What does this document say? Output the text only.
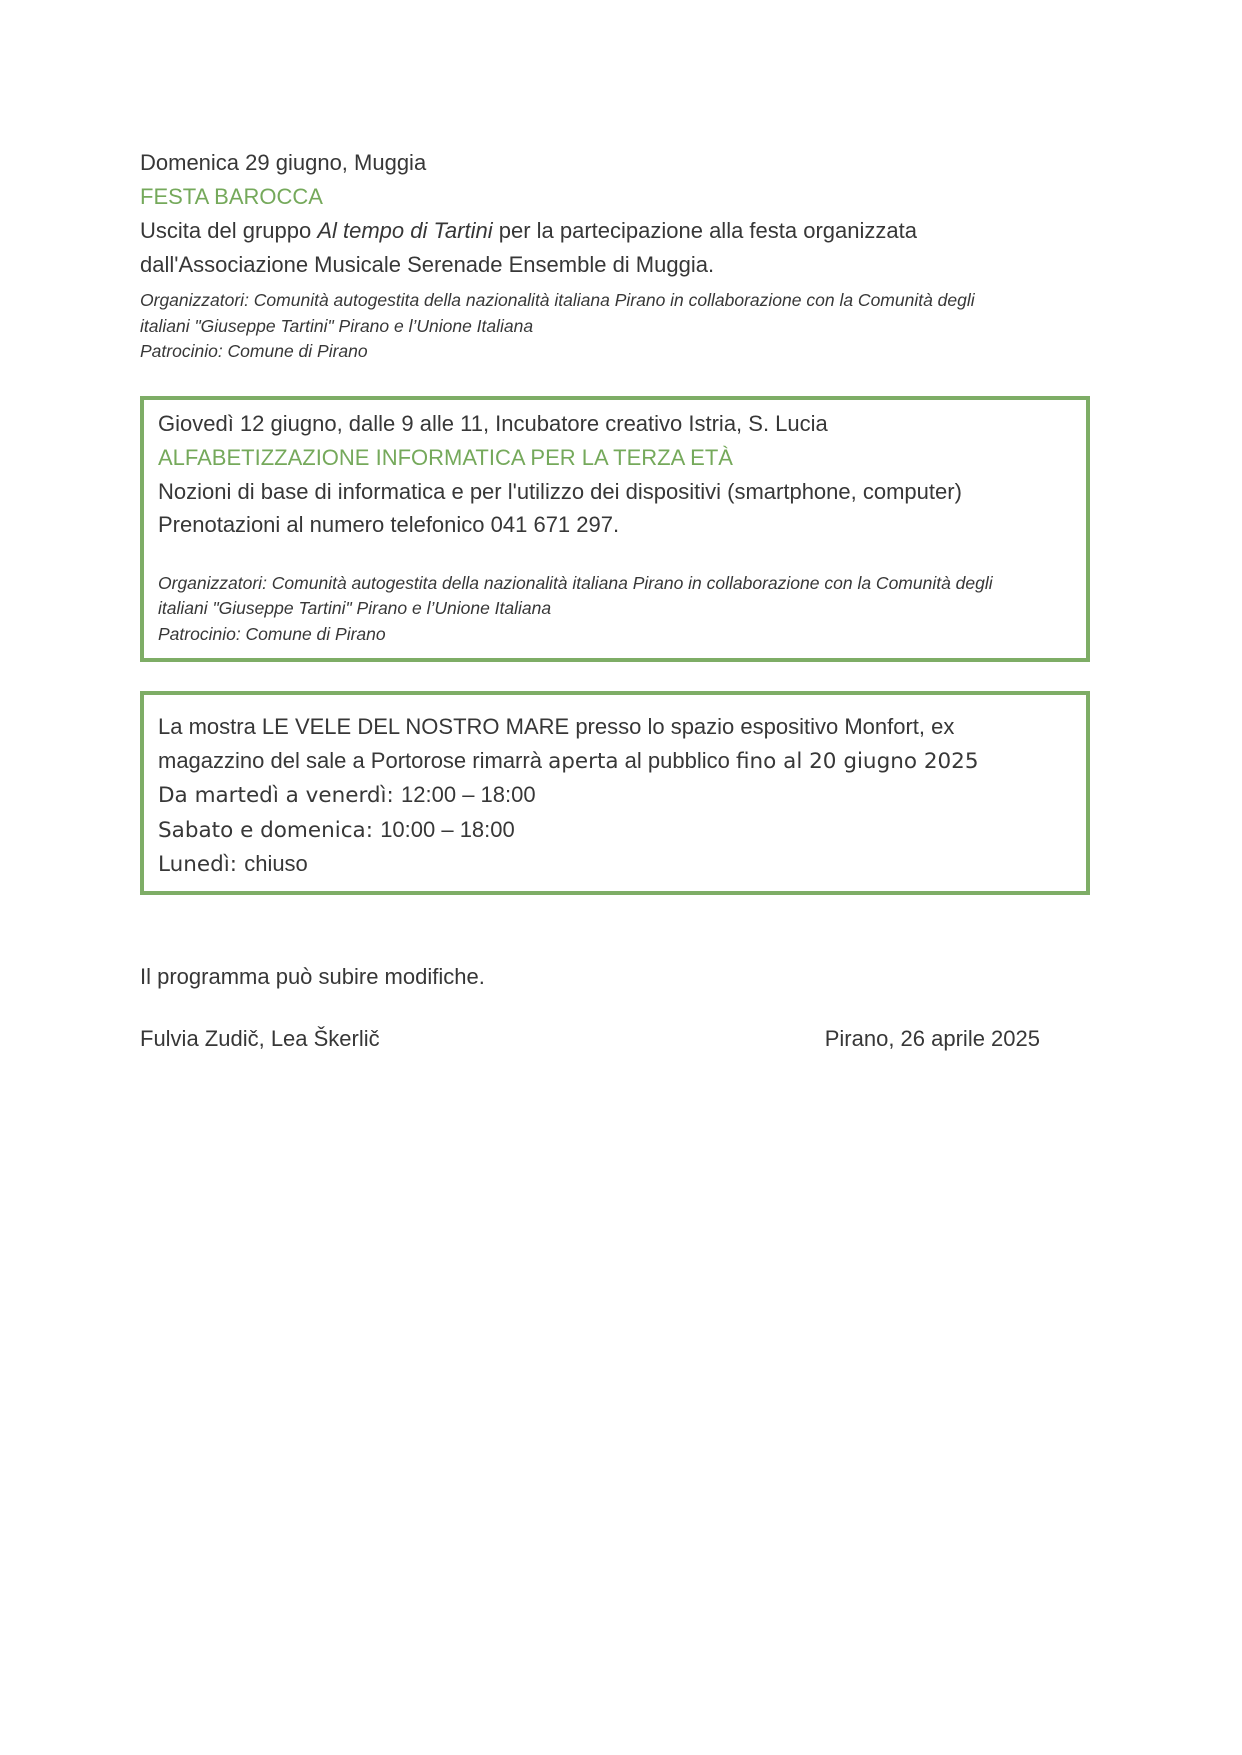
Domenica 29 giugno, Muggia
FESTA BAROCCA
Uscita del gruppo Al tempo di Tartini per la partecipazione alla festa organizzata
dall'Associazione Musicale Serenade Ensemble di Muggia.
Organizzatori: Comunità autogestita della nazionalità italiana Pirano in collaborazione con la Comunità degli
italiani "Giuseppe Tartini" Pirano e l’Unione Italiana
Patrocinio: Comune di Pirano
Giovedì 12 giugno, dalle 9 alle 11, Incubatore creativo Istria, S. Lucia
ALFABETIZZAZIONE INFORMATICA PER LA TERZA ETÀ
Nozioni di base di informatica e per l'utilizzo dei dispositivi (smartphone, computer)
Prenotazioni al numero telefonico 041 671 297.
Organizzatori: Comunità autogestita della nazionalità italiana Pirano in collaborazione con la Comunità degli
italiani "Giuseppe Tartini" Pirano e l’Unione Italiana
Patrocinio: Comune di Pirano
La mostra LE VELE DEL NOSTRO MARE presso lo spazio espositivo Monfort, ex
magazzino del sale a Portorose rimarrà aperta al pubblico fino al 20 giugno 2025
Da martedì a venerdì: 12:00 – 18:00
Sabato e domenica: 10:00 – 18:00
Lunedì: chiuso
Il programma può subire modifiche.
Fulvia Zudič, Lea Škerlič	Pirano, 26 aprile 2025
